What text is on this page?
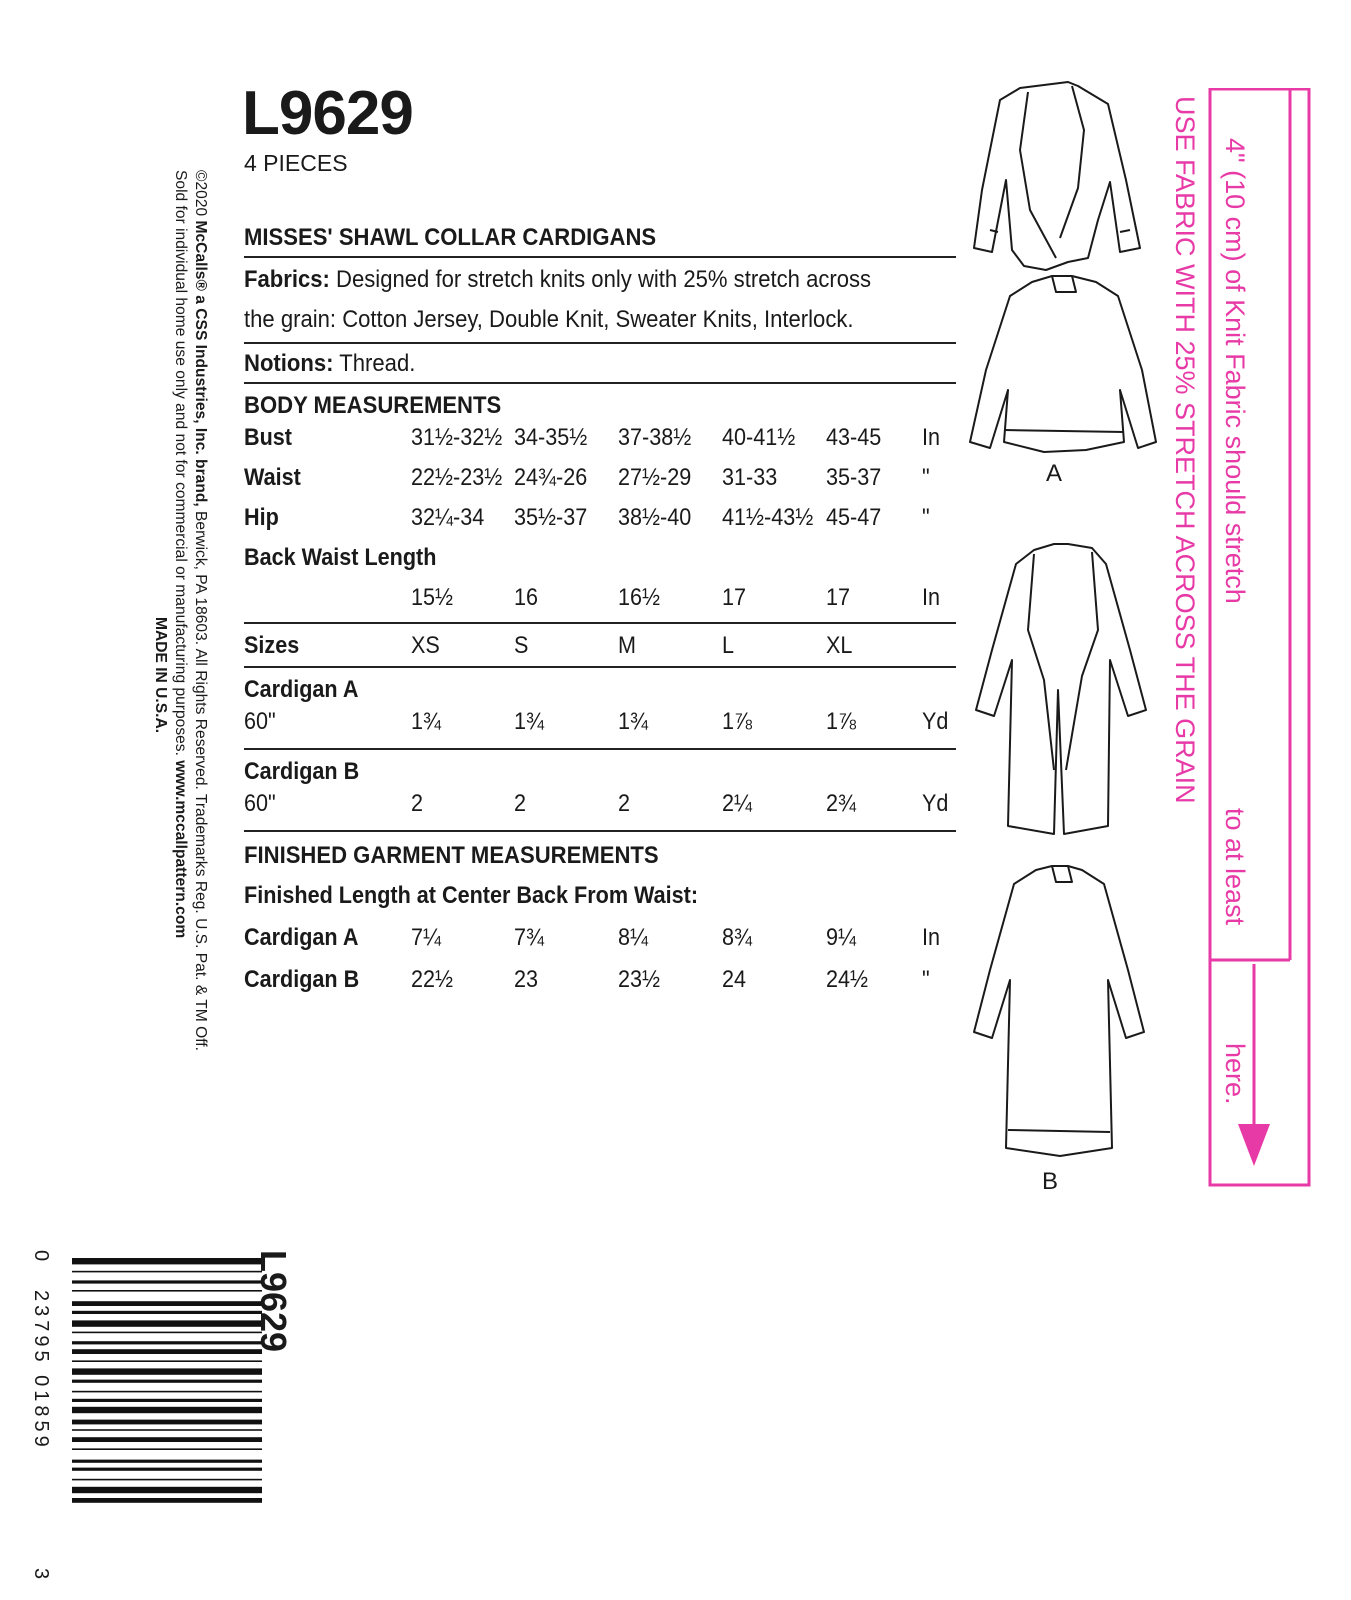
L9629
4 PIECES

©2020 McCalls® a CSS Industries, Inc. brand, Berwick, PA 18603. All Rights Reserved. Trademarks Reg. U.S. Pat. & TM Off.

Sold for individual home use only and not for commercial or manufacturing purposes. www.mccallpattern.com

MADE IN U.S.A.

MISSES' SHAWL COLLAR CARDIGANS
Fabrics: Designed for stretch knits only with 25% stretch across
the grain: Cotton Jersey, Double Knit, Sweater Knits, Interlock.
Notions: Thread.
BODY MEASUREMENTS
Bust	31½-32½ 34-35½ 37-38½ 40-41½ 43-45 In
Waist	22½-23½ 24¾-26 27½-29 31-33 35-37 "
Hip	32¼-34 35½-37 38½-40 41½-43½ 45-47 "
Back Waist Length
15½	16	16½	17	17	In
Sizes	XS	S	M	L	XL
Cardigan A
60"	1¾	1¾	1¾	1⅞	1⅞	Yd
Cardigan B
60"	2	2	2	2¼	2¾	Yd
FINISHED GARMENT MEASUREMENTS
Finished Length at Center Back From Waist:
Cardigan A 7¼	7¾	8¼	8¾	9¼	In
Cardigan B 22½	23	23½	24	24½ "
A
B
4" (10 cm) of Knit Fabric should stretch
to at least
USE FABRIC WITH 25% STRETCH ACROSS THE GRAIN
here.
0
23795 01859
3
L9629
